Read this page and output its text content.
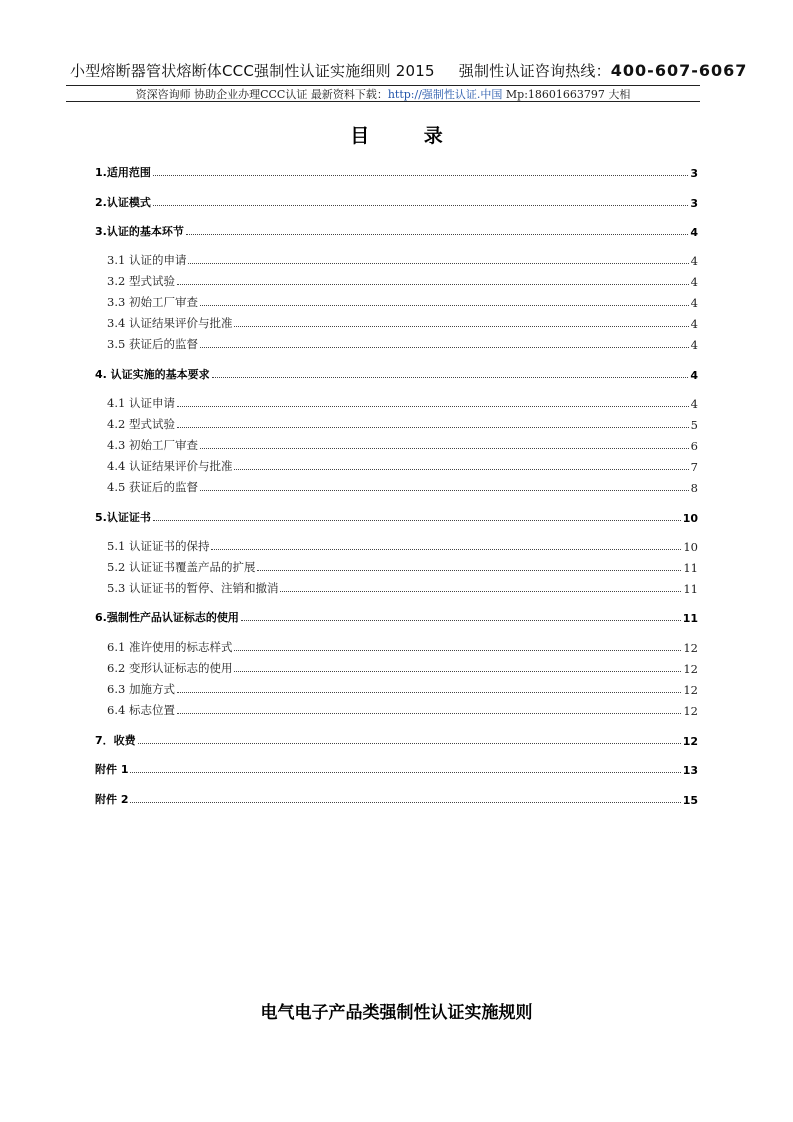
小型熔断器管状熔断体CCC强制性认证实施细则 2015 强制性认证咨询热线：400-607-6067
资深咨询师 协助企业办理CCC认证 最新资料下载：http://强制性认证.中国 Mp:18601663797 大相
目 录
1.适用范围	3
2.认证模式	3
3.认证的基本环节	4
3.1 认证的申请	4
3.2 型式试验	4
3.3 初始工厂审查	4
3.4 认证结果评价与批准	4
3.5 获证后的监督	4
4. 认证实施的基本要求	4
4.1 认证申请	4
4.2 型式试验	5
4.3 初始工厂审查	6
4.4 认证结果评价与批准	7
4.5 获证后的监督	8
5.认证证书	10
5.1 认证证书的保持	10
5.2 认证证书覆盖产品的扩展	11
5.3 认证证书的暂停、注销和撤消	11
6.强制性产品认证标志的使用	11
6.1 准许使用的标志样式	12
6.2 变形认证标志的使用	12
6.3 加施方式	12
6.4 标志位置	12
7．收费	12
附件 1	13
附件 2	15
电气电子产品类强制性认证实施规则
